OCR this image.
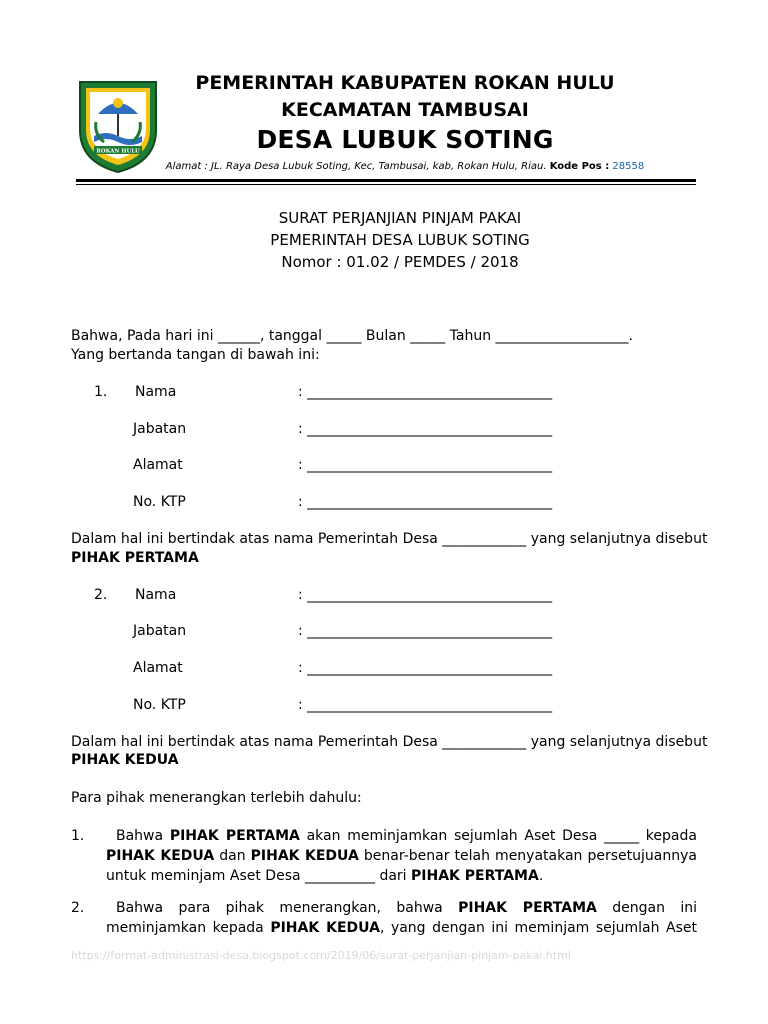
ROKAN HULU
PEMERINTAH KABUPATEN ROKAN HULU
KECAMATAN TAMBUSAI
DESA LUBUK SOTING
Alamat : JL. Raya Desa Lubuk Soting, Kec, Tambusai, kab, Rokan Hulu, Riau. Kode Pos : 28558
SURAT PERJANJIAN PINJAM PAKAI
PEMERINTAH DESA LUBUK SOTING
Nomor : 01.02 / PEMDES / 2018
Bahwa, Pada hari ini ______, tanggal _____ Bulan _____ Tahun ___________________.
Yang bertanda tangan di bawah ini:
1. Nama	: ___________________________________
Jabatan	: ___________________________________
Alamat	: ___________________________________
No. KTP	: ___________________________________
Dalam hal ini bertindak atas nama Pemerintah Desa ____________ yang selanjutnya disebut
PIHAK PERTAMA
2. Nama	: ___________________________________
Jabatan	: ___________________________________
Alamat	: ___________________________________
No. KTP	: ___________________________________
Dalam hal ini bertindak atas nama Pemerintah Desa ____________ yang selanjutnya disebut
PIHAK KEDUA
Para pihak menerangkan terlebih dahulu:
1.	Bahwa PIHAK PERTAMA akan meminjamkan sejumlah Aset Desa _____ kepada PIHAK KEDUA dan PIHAK KEDUA benar-benar telah menyatakan persetujuannya untuk meminjam Aset Desa __________ dari PIHAK PERTAMA.
2.	Bahwa para pihak menerangkan, bahwa PIHAK PERTAMA dengan ini meminjamkan kepada PIHAK KEDUA, yang dengan ini meminjam sejumlah Aset
https://format-administrasi-desa.blogspot.com/2019/06/surat-perjanjian-pinjam-pakai.html
